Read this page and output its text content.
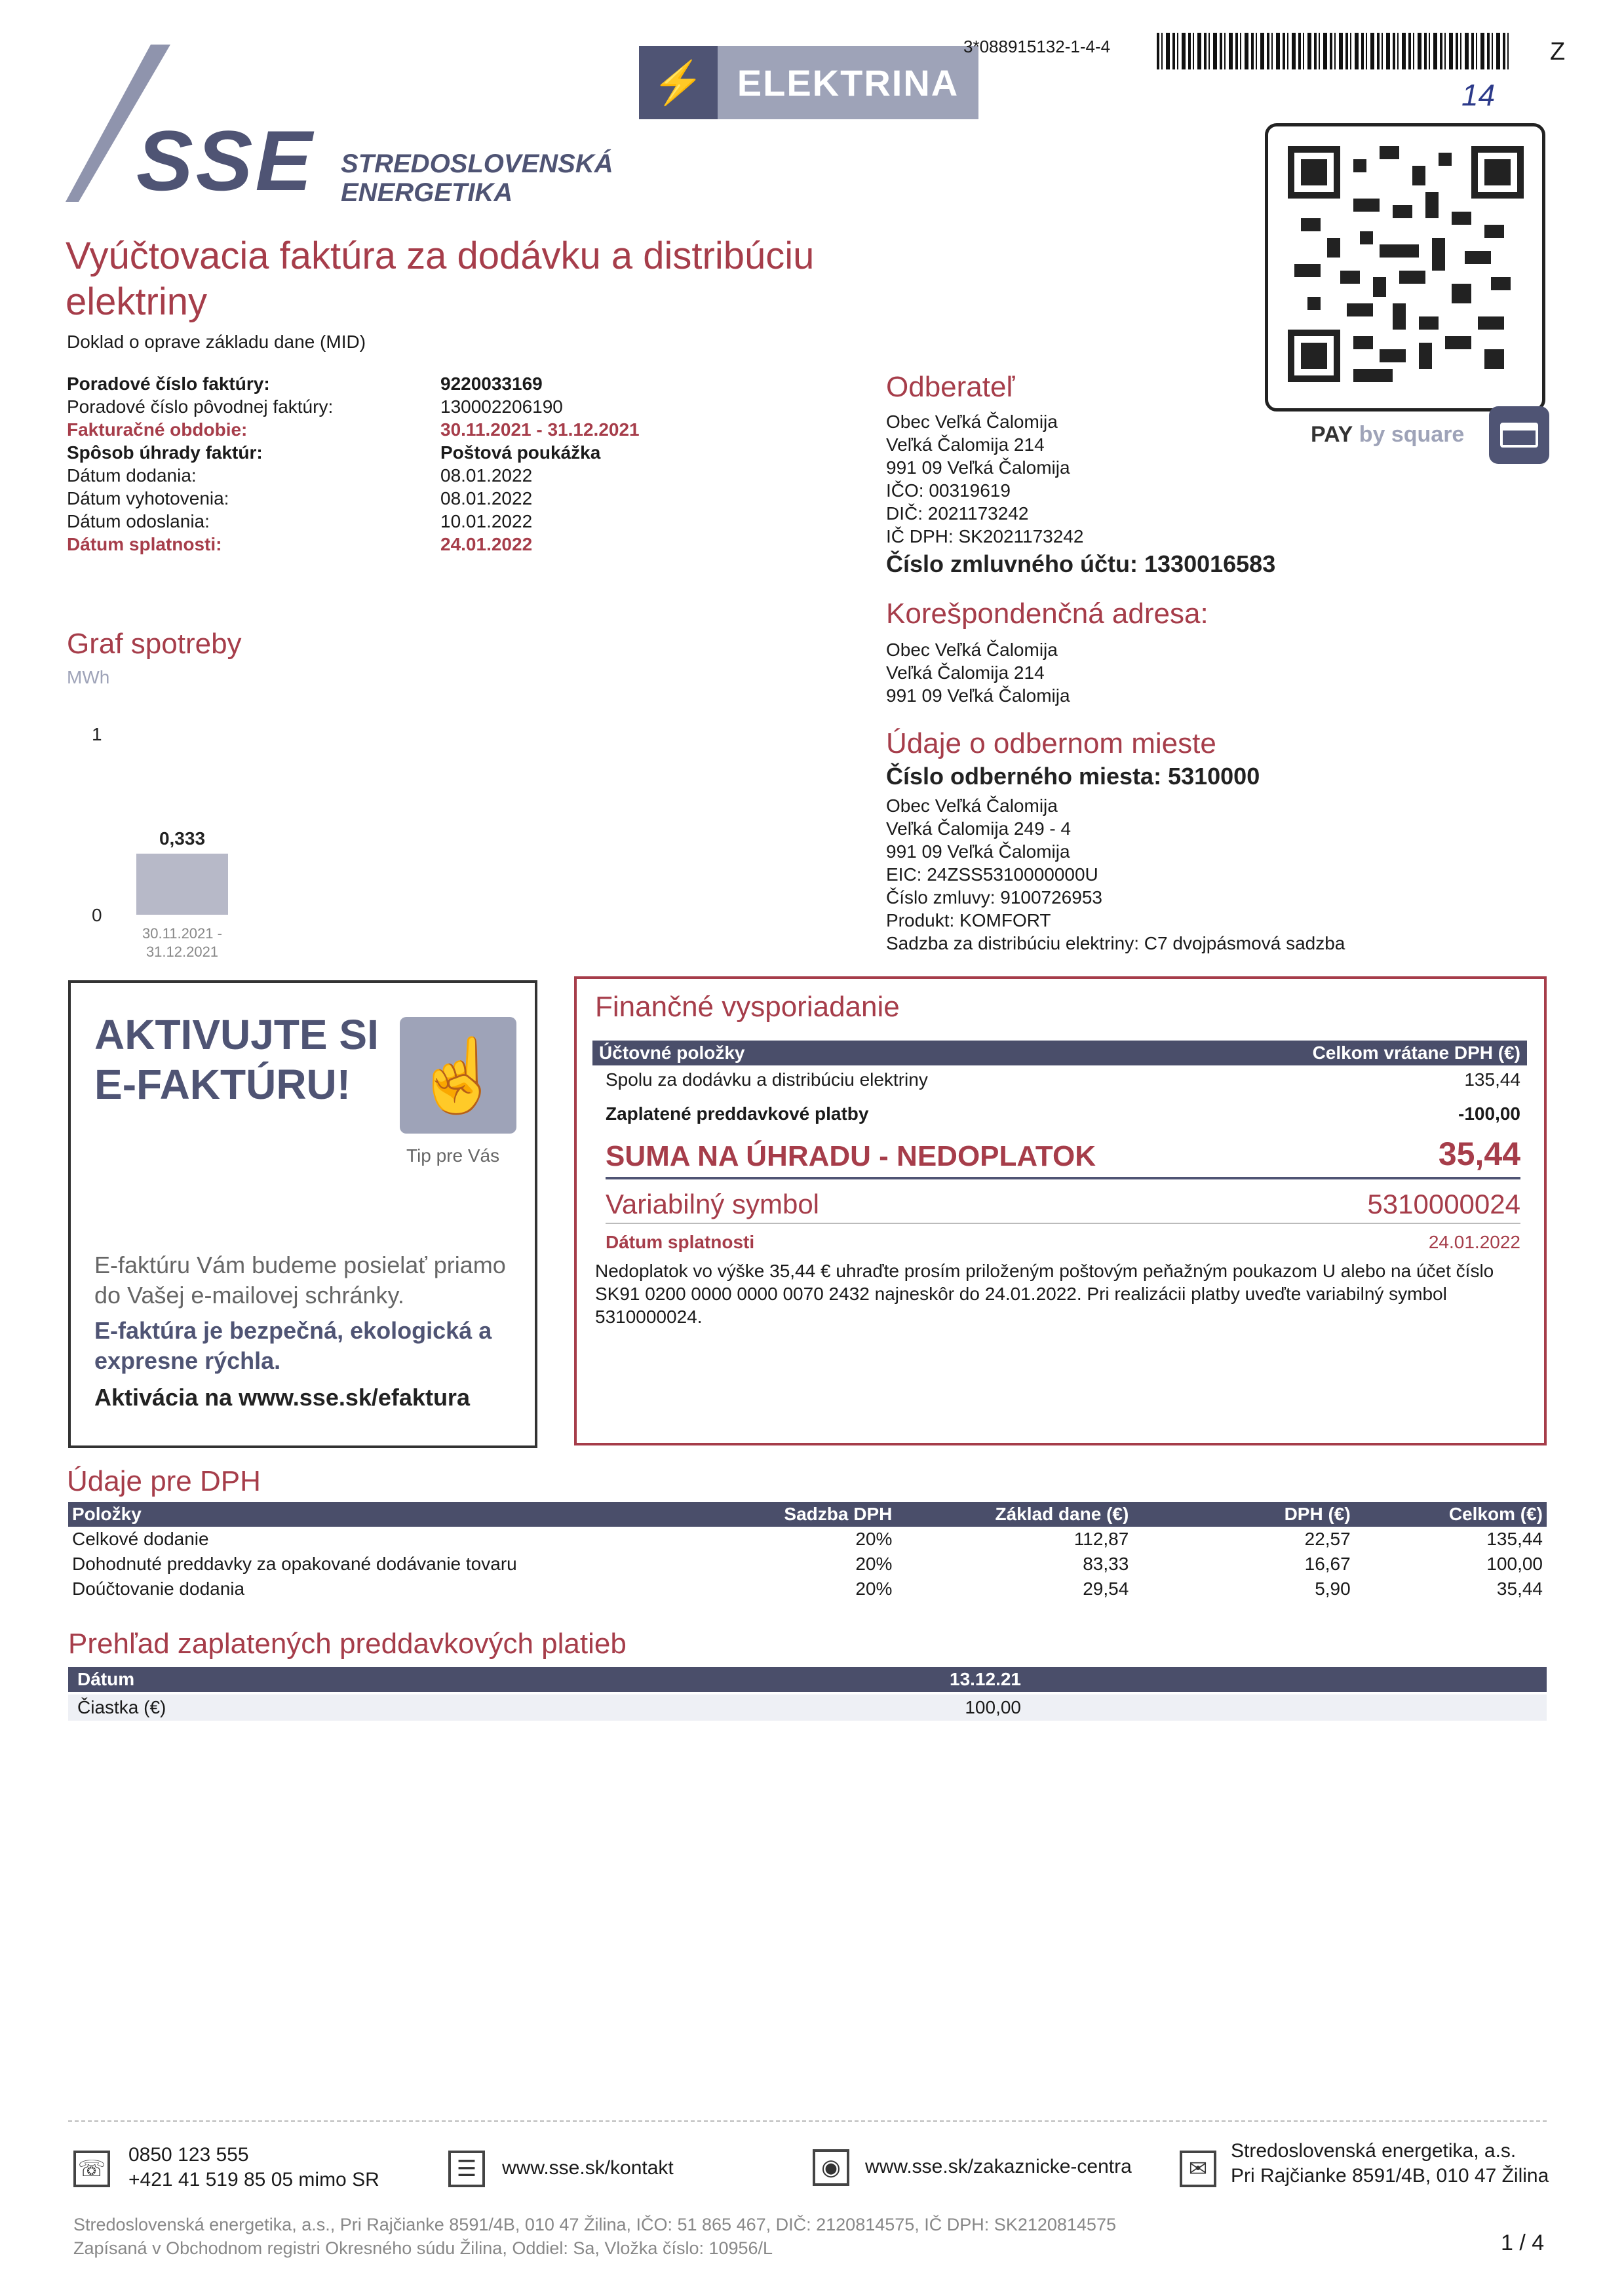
SSE STREDOSLOVENSKÁ
ENERGETIKA
⚡ ELEKTRINA
3*088915132-1-4-4	Z
14
PAY by square
Vyúčtovacia faktúra za dodávku a distribúciu elektriny
Doklad o oprave základu dane (MID)
Poradové číslo faktúry:	9220033169
Poradové číslo pôvodnej faktúry:	130002206190
Fakturačné obdobie:	30.11.2021 - 31.12.2021
Spôsob úhrady faktúr:	Poštová poukážka
Dátum dodania:	08.01.2022
Dátum vyhotovenia:	08.01.2022
Dátum odoslania:	10.01.2022
Dátum splatnosti:	24.01.2022
Odberateľ
Obec Veľká Čalomija
Veľká Čalomija 214
991 09 Veľká Čalomija
IČO: 00319619
DIČ: 2021173242
IČ DPH: SK2021173242
Číslo zmluvného účtu: 1330016583
Korešpondenčná adresa:
Obec Veľká Čalomija
Veľká Čalomija 214
991 09 Veľká Čalomija
Údaje o odbernom mieste
Číslo odberného miesta: 5310000
Obec Veľká Čalomija
Veľká Čalomija 249 - 4
991 09 Veľká Čalomija
EIC: 24ZSS5310000000U
Číslo zmluvy: 9100726953
Produkt: KOMFORT
Sadzba za distribúciu elektriny: C7 dvojpásmová sadzba
Graf spotreby
MWh
1
0
0,333
30.11.2021 -
31.12.2021
AKTIVUJTE SI
E-FAKTÚRU! ☝
Tip pre Vás
E-faktúru Vám budeme posielať priamo do Vašej e-mailovej schránky.
E-faktúra je bezpečná, ekologická a expresne rýchla.
Aktivácia na www.sse.sk/efaktura
Finančné vysporiadanie
Účtovné položky	Celkom vrátane DPH (€)
Spolu za dodávku a distribúciu elektriny	135,44
Zaplatené preddavkové platby	-100,00
SUMA NA ÚHRADU - NEDOPLATOK	35,44
Variabilný symbol	5310000024
Dátum splatnosti	24.01.2022
Nedoplatok vo výške 35,44 € uhraďte prosím priloženým poštovým peňažným poukazom U alebo na účet číslo SK91 0200 0000 0000 0070 2432 najneskôr do 24.01.2022. Pri realizácii platby uveďte variabilný symbol 5310000024.
Údaje pre DPH
Položky	Sadzba DPH	Základ dane (€)	DPH (€)	Celkom (€)
Celkové dodanie	20%	112,87	22,57	135,44
Dohodnuté preddavky za opakované dodávanie tovaru	20%	83,33	16,67	100,00
Doúčtovanie dodania	20%	29,54	5,90	35,44
Prehľad zaplatených preddavkových platieb
Dátum	13.12.21
Čiastka (€)	100,00
☏
0850 123 555
+421 41 519 85 05 mimo SR	☰	www.sse.sk/kontakt	◉	www.sse.sk/zakaznicke-centra	✉
Stredoslovenská energetika, a.s.
Pri Rajčianke 8591/4B, 010 47 Žilina
Stredoslovenská energetika, a.s., Pri Rajčianke 8591/4B, 010 47 Žilina, IČO: 51 865 467, DIČ: 2120814575, IČ DPH: SK2120814575
Zapísaná v Obchodnom registri Okresného súdu Žilina, Oddiel: Sa, Vložka číslo: 10956/L	1 / 4
